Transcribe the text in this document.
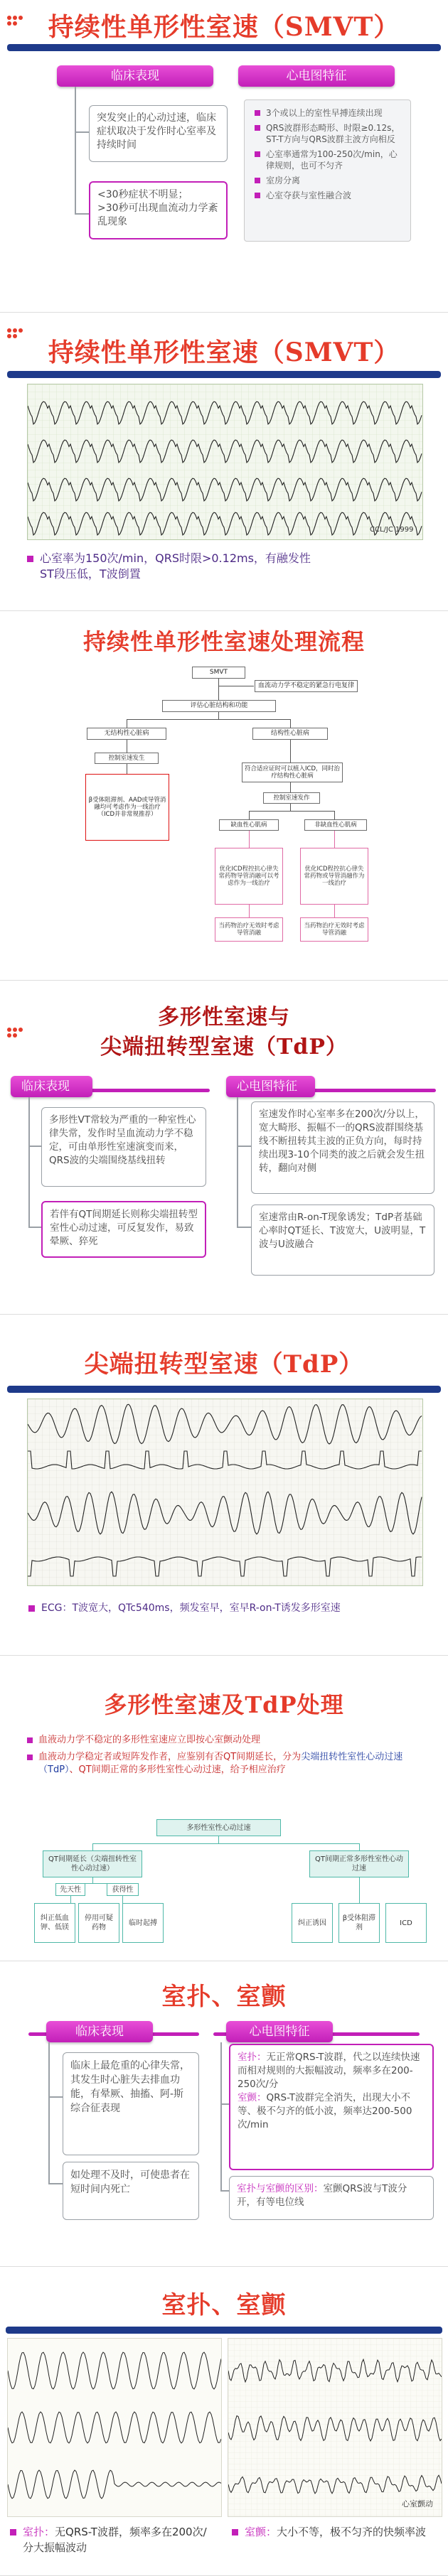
持续性单形性室速（SMVT）
临床表现	心电图特征
突发突止的心动过速，临床症状取决于发作时心室率及持续时间
<30秒症状不明显；
>30秒可出现血流动力学紊乱现象
3个或以上的室性早搏连续出现
QRS波群形态畸形、时限≥0.12s，ST-T方向与QRS波群主波方向相反
心室率通常为100-250次/min，心律规则，也可不匀齐
室房分离
心室夺获与室性融合波
持续性单形性室速（SMVT）
CCL/JC 1999
心室率为150次/min，QRS时限>0.12ms，有融发性
ST段压低，T波倒置
持续性单形性室速处理流程
SMVT
血流动力学不稳定的紧急行电复律
评估心脏结构和功能
无结构性心脏病	结构性心脏病
控制室速发生
β受体阻滞剂、AAD或导管消融均可考虑作为一线治疗（ICD并非常规推荐）
符合适应证时可以植入ICD，同时治疗结构性心脏病
控制室速发作
缺血性心肌病	非缺血性心肌病
优化ICD程控抗心律失常药物导管消融可以考虑作为一线治疗
优化ICD程控抗心律失常药物或导管消融作为一线治疗
当药物治疗无效时考虑导管消融
当药物治疗无效时考虑导管消融
多形性室速与
尖端扭转型室速（TdP）
临床表现	心电图特征
多形性VT常较为严重的一种室性心律失常，发作时呈血流动力学不稳定，可由单形性室速演变而来，QRS波的尖端围绕基线扭转
若伴有QT间期延长则称尖端扭转型室性心动过速，可反复发作，易致晕厥、猝死
室速发作时心室率多在200次/分以上，宽大畸形、振幅不一的QRS波群围绕基线不断扭转其主波的正负方向，每时持续出现3-10个同类的波之后就会发生扭转，翻向对侧
室速常由R-on-T现象诱发；TdP者基础心率时QT延长、T波宽大，U波明显，T波与U波融合
尖端扭转型室速（TdP）
ECG：T波宽大，QTc540ms，频发室早，室早R-on-T诱发多形室速
多形性室速及TdP处理
血液动力学不稳定的多形性室速应立即按心室颤动处理
血液动力学稳定者或短阵发作者，应鉴别有否QT间期延长，分为尖端扭转性室性心动过速（TdP）、QT间期正常的多形性室性心动过速，给予相应治疗
多形性室性心动过速
QT间期延长（尖端扭转性室性心动过速）
QT间期正常多形性室性心动过速
先天性	获得性
纠正低血钾、低镁
停用可疑药物
临时起搏	纠正诱因
β受体阻滞剂
ICD
室扑、室颤
临床表现	心电图特征
临床上最危重的心律失常，其发生时心脏失去排血功能，有晕厥、抽搐、阿-斯综合征表现
如处理不及时，可使患者在短时间内死亡
室扑：无正常QRS-T波群，代之以连续快速而相对规则的大振幅波动，频率多在200-250次/分
室颤：QRS-T波群完全消失，出现大小不等、极不匀齐的低小波，频率达200-500次/min
室扑与室颤的区别：室颤QRS波与T波分开，有等电位线
室扑、室颤
心室颤动
室扑：无QRS-T波群，频率多在200次/分大振幅波动
室颤：大小不等，极不匀齐的快频率波
